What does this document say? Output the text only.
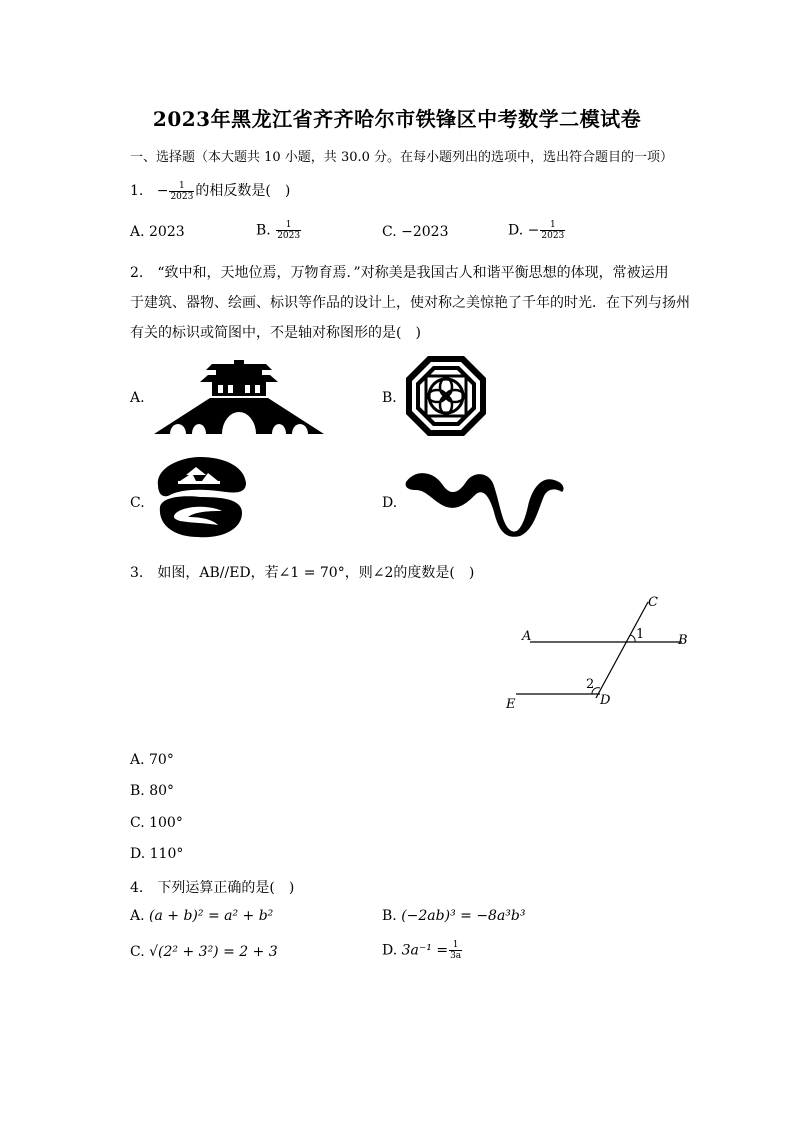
2023年黑龙江省齐齐哈尔市铁锋区中考数学二模试卷
一、选择题（本大题共 10 小题，共 30.0 分。在每小题列出的选项中，选出符合题目的一项）
1. − $\frac{1}{2023}$ 的相反数是(　)
A. 2023	B. $\frac{1}{2023}$	C. −2023	D. − $\frac{1}{2023}$
2.　“致中和，天地位焉，万物育焉．”对称美是我国古人和谐平衡思想的体现，常被运用
于建筑、器物、绘画、标识等作品的设计上，使对称之美惊艳了千年的时光．在下列与扬州
有关的标识或简图中，不是轴对称图形的是(　)
A.	B.
C.	D.
3.　如图，AB//ED，若∠1 = 70°，则∠2的度数是(　)
C
A	B
1
2
D
E
A. 70°
B. 80°
C. 100°
D. 110°
4.　下列运算正确的是(　)
A. (a + b)² = a² + b²	B. (−2ab)³ = −8a³b³
C. √(2² + 3²) = 2 + 3	D. $3a^{-1} = \frac{1}{3a}$
